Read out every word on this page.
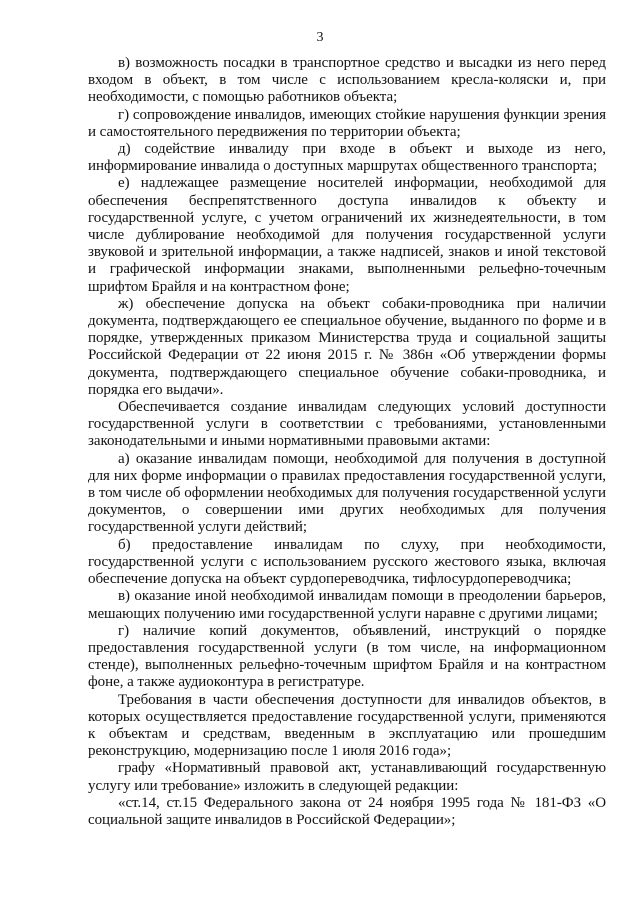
3

в) возможность посадки в транспортное средство и высадки из него перед входом в объект, в том числе с использованием кресла-коляски и, при необходимости, с помощью работников объекта;

г) сопровождение инвалидов, имеющих стойкие нарушения функции зрения и самостоятельного передвижения по территории объекта;

д) содействие инвалиду при входе в объект и выходе из него, информирование инвалида о доступных маршрутах общественного транспорта;

е) надлежащее размещение носителей информации, необходимой для обеспечения беспрепятственного доступа инвалидов к объекту и государственной услуге, с учетом ограничений их жизнедеятельности, в том числе дублирование необходимой для получения государственной услуги звуковой и зрительной информации, а также надписей, знаков и иной текстовой и графической информации знаками, выполненными рельефно-точечным шрифтом Брайля и на контрастном фоне;

ж) обеспечение допуска на объект собаки-проводника при наличии документа, подтверждающего ее специальное обучение, выданного по форме и в порядке, утвержденных приказом Министерства труда и социальной защиты Российской Федерации от 22 июня 2015 г. № 386н «Об утверждении формы документа, подтверждающего специальное обучение собаки-проводника, и порядка его выдачи».

Обеспечивается создание инвалидам следующих условий доступности государственной услуги в соответствии с требованиями, установленными законодательными и иными нормативными правовыми актами:

а) оказание инвалидам помощи, необходимой для получения в доступной для них форме информации о правилах предоставления государственной услуги, в том числе об оформлении необходимых для получения государственной услуги документов, о совершении ими других необходимых для получения государственной услуги действий;

б) предоставление инвалидам по слуху, при необходимости, государственной услуги с использованием русского жестового языка, включая обеспечение допуска на объект сурдопереводчика, тифлосурдопереводчика;

в) оказание иной необходимой инвалидам помощи в преодолении барьеров, мешающих получению ими государственной услуги наравне с другими лицами;

г) наличие копий документов, объявлений, инструкций о порядке предоставления государственной услуги (в том числе, на информационном стенде), выполненных рельефно-точечным шрифтом Брайля и на контрастном фоне, а также аудиоконтура в регистратуре.

Требования в части обеспечения доступности для инвалидов объектов, в которых осуществляется предоставление государственной услуги, применяются к объектам и средствам, введенным в эксплуатацию или прошедшим реконструкцию, модернизацию после 1 июля 2016 года»;

графу «Нормативный правовой акт, устанавливающий государственную услугу или требование» изложить в следующей редакции:

«ст.14, ст.15 Федерального закона от 24 ноября 1995 года № 181-ФЗ «О социальной защите инвалидов в Российской Федерации»;
